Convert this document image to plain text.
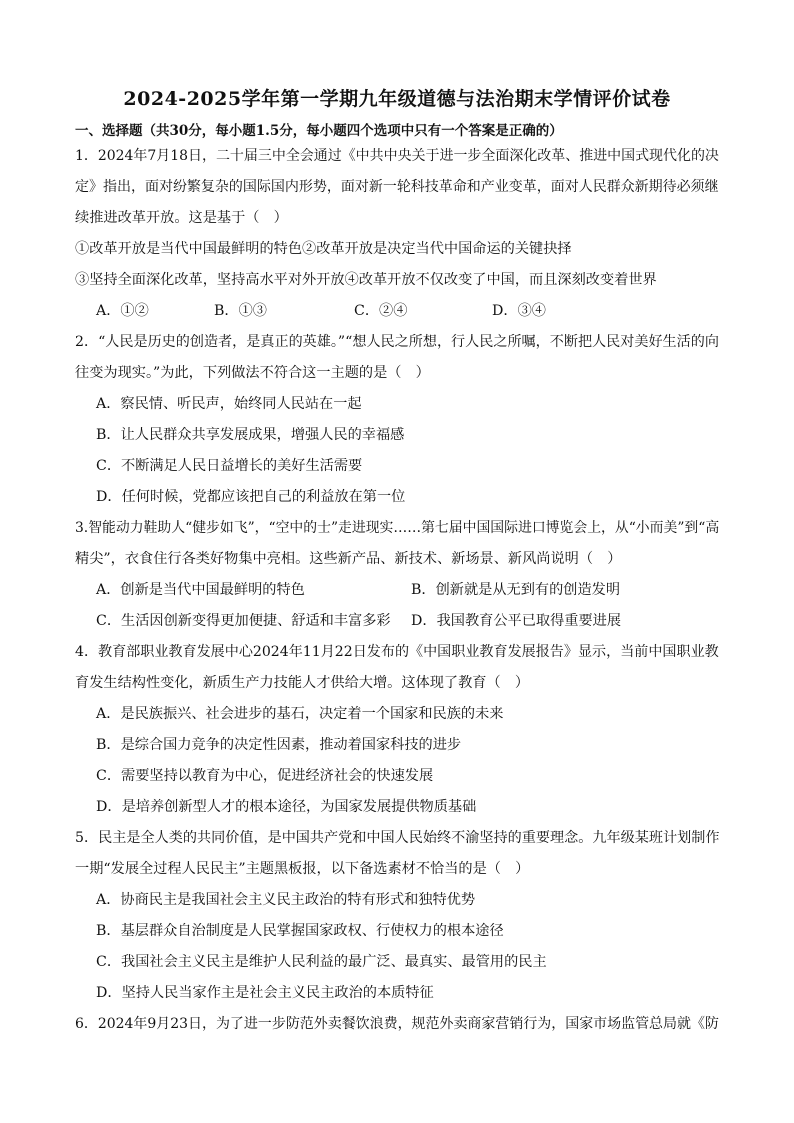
2024-2025学年第一学期九年级道德与法治期末学情评价试卷
一、选择题（共30分，每小题1.5分，每小题四个选项中只有一个答案是正确的）
1．2024年7月18日，二十届三中全会通过《中共中央关于进一步全面深化改革、推进中国式现代化的决
定》指出，面对纷繁复杂的国际国内形势，面对新一轮科技革命和产业变革，面对人民群众新期待必须继
续推进改革开放。这是基于（　）
①改革开放是当代中国最鲜明的特色②改革开放是决定当代中国命运的关键抉择
③坚持全面深化改革，坚持高水平对外开放④改革开放不仅改变了中国，而且深刻改变着世界
A．①②	B．①③	C．②④	D．③④
2．“人民是历史的创造者，是真正的英雄。”“想人民之所想，行人民之所嘱，不断把人民对美好生活的向
往变为现实。”为此，下列做法不符合这一主题的是（　）
A．察民情、听民声，始终同人民站在一起
B．让人民群众共享发展成果，增强人民的幸福感
C．不断满足人民日益增长的美好生活需要
D．任何时候，党都应该把自己的利益放在第一位
3.智能动力鞋助人“健步如飞”，“空中的士”走进现实……第七届中国国际进口博览会上，从“小而美”到“高
精尖”，衣食住行各类好物集中亮相。这些新产品、新技术、新场景、新风尚说明（　）
A．创新是当代中国最鲜明的特色	B．创新就是从无到有的创造发明
C．生活因创新变得更加便捷、舒适和丰富多彩 D．我国教育公平已取得重要进展
4．教育部职业教育发展中心2024年11月22日发布的《中国职业教育发展报告》显示，当前中国职业教
育发生结构性变化，新质生产力技能人才供给大增。这体现了教育（　）
A．是民族振兴、社会进步的基石，决定着一个国家和民族的未来
B．是综合国力竞争的决定性因素，推动着国家科技的进步
C．需要坚持以教育为中心，促进经济社会的快速发展
D．是培养创新型人才的根本途径，为国家发展提供物质基础
5．民主是全人类的共同价值，是中国共产党和中国人民始终不渝坚持的重要理念。九年级某班计划制作
一期“发展全过程人民民主”主题黑板报，以下备选素材不恰当的是（　）
A．协商民主是我国社会主义民主政治的特有形式和独特优势
B．基层群众自治制度是人民掌握国家政权、行使权力的根本途径
C．我国社会主义民主是维护人民利益的最广泛、最真实、最管用的民主
D．坚持人民当家作主是社会主义民主政治的本质特征
6．2024年9月23日，为了进一步防范外卖餐饮浪费，规范外卖商家营销行为，国家市场监管总局就《防
